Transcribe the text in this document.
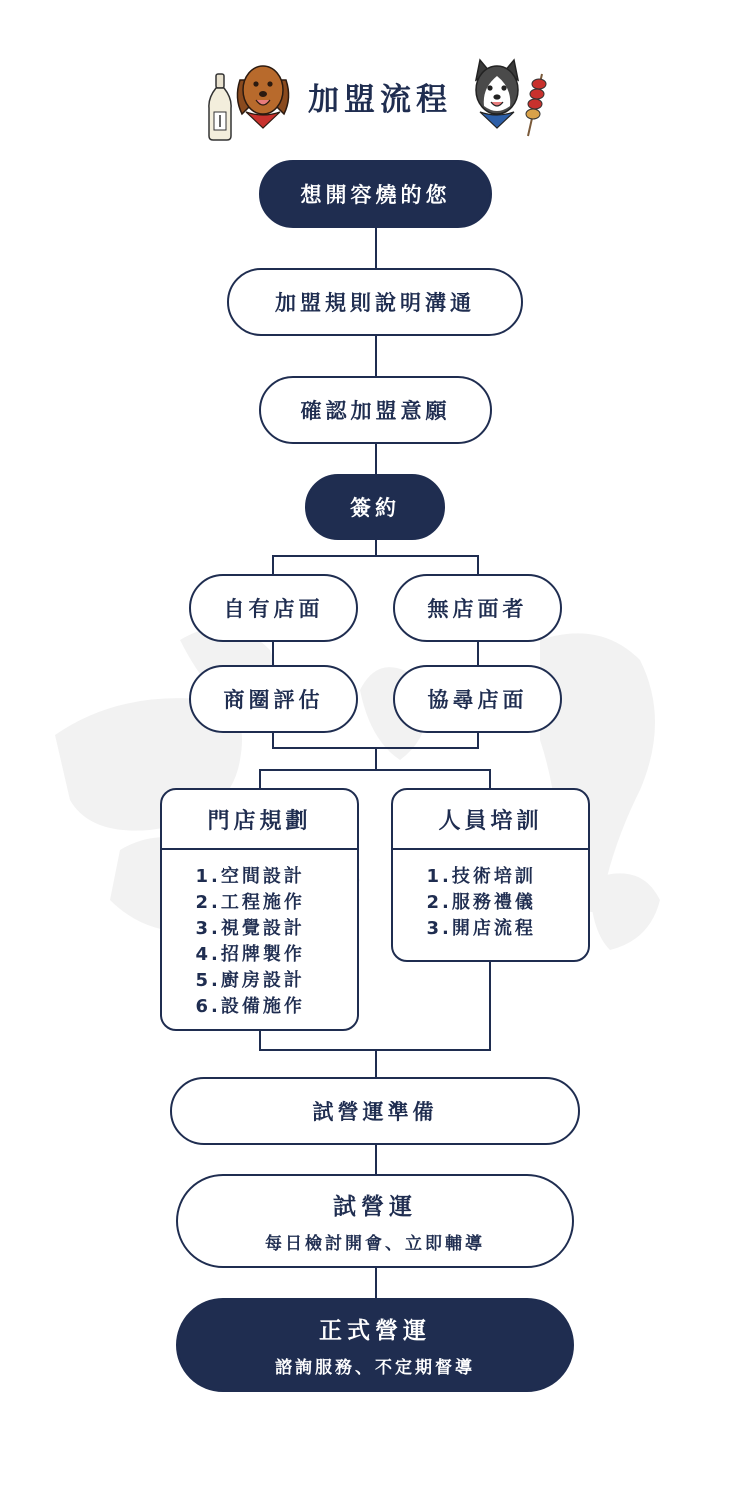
加盟流程
想開容燒的您
加盟規則說明溝通
確認加盟意願
簽約
自有店面	無店面者
商圈評估	協尋店面
門店規劃
1.空間設計
2.工程施作
3.視覺設計
4.招牌製作
5.廚房設計
6.設備施作
人員培訓
1.技術培訓
2.服務禮儀
3.開店流程
試營運準備
試營運
每日檢討開會、立即輔導
正式營運
諮詢服務、不定期督導
